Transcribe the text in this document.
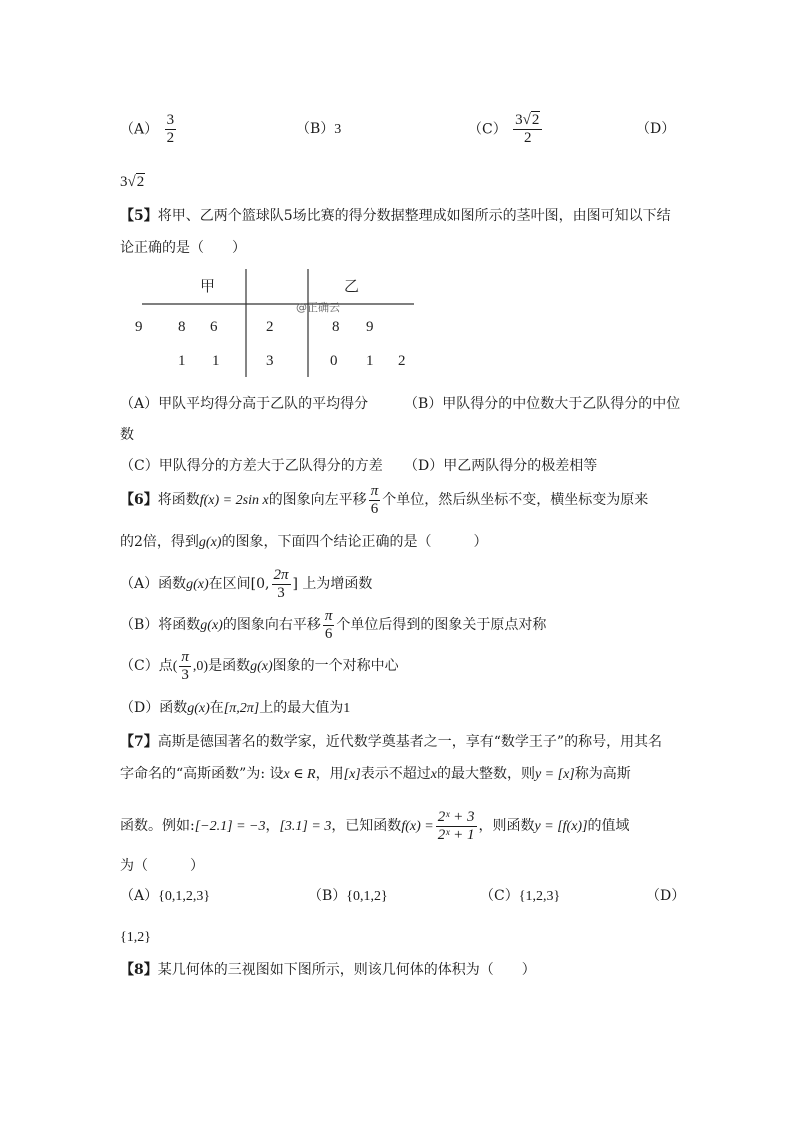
$(A) \frac{3}{2}$	（B）3	$(C) \frac{3√2}{2}$	（D）
3√2
【5】将甲、乙两个篮球队5场比赛的得分数据整理成如图所示的茎叶图，由图可知以下结
论正确的是（　　）
甲	乙
@正确云
9 8 6	2	8 9
1 1	3	0 1 2
（A）甲队平均得分高于乙队的平均得分	（B）甲队得分的中位数大于乙队得分的中位
数
（C）甲队得分的方差大于乙队得分的方差 （D）甲乙两队得分的极差相等
【6】将函数f(x) = 2sin x的图象向左平移 $\frac{\pi}{6}$ 个单位，然后纵坐标不变，横坐标变为原来
的2倍，得到g(x)的图象，下面四个结论正确的是（　　　）
（A）函数g(x)在区间[0, $\frac{2\pi}{3}$ ] 上为增函数
（B）将函数g(x)的图象向右平移 $\frac{\pi}{6}$ 个单位后得到的图象关于原点对称
（C）点( $\frac{\pi}{3} ,0$)是函数g(x)图象的一个对称中心
（D）函数g(x)在[π,2π]上的最大值为1
【7】高斯是德国著名的数学家，近代数学奠基者之一，享有“数学王子”的称号，用其名
字命名的“高斯函数”为: 设x ∈ R，用[x]表示不超过x的最大整数，则y = [x]称为高斯
函数。例如:[−2.1] = −3，[3.1] = 3，已知函数$f(x) = \frac{\text{2ˣ + 3}}{\text{2ˣ + 1}}$ ，则函数y = [f(x)]的值域
为（　　　）
（A）{0,1,2,3}	（B）{0,1,2}	（C）{1,2,3}	（D）
{1,2}
【8】某几何体的三视图如下图所示，则该几何体的体积为（　　）
